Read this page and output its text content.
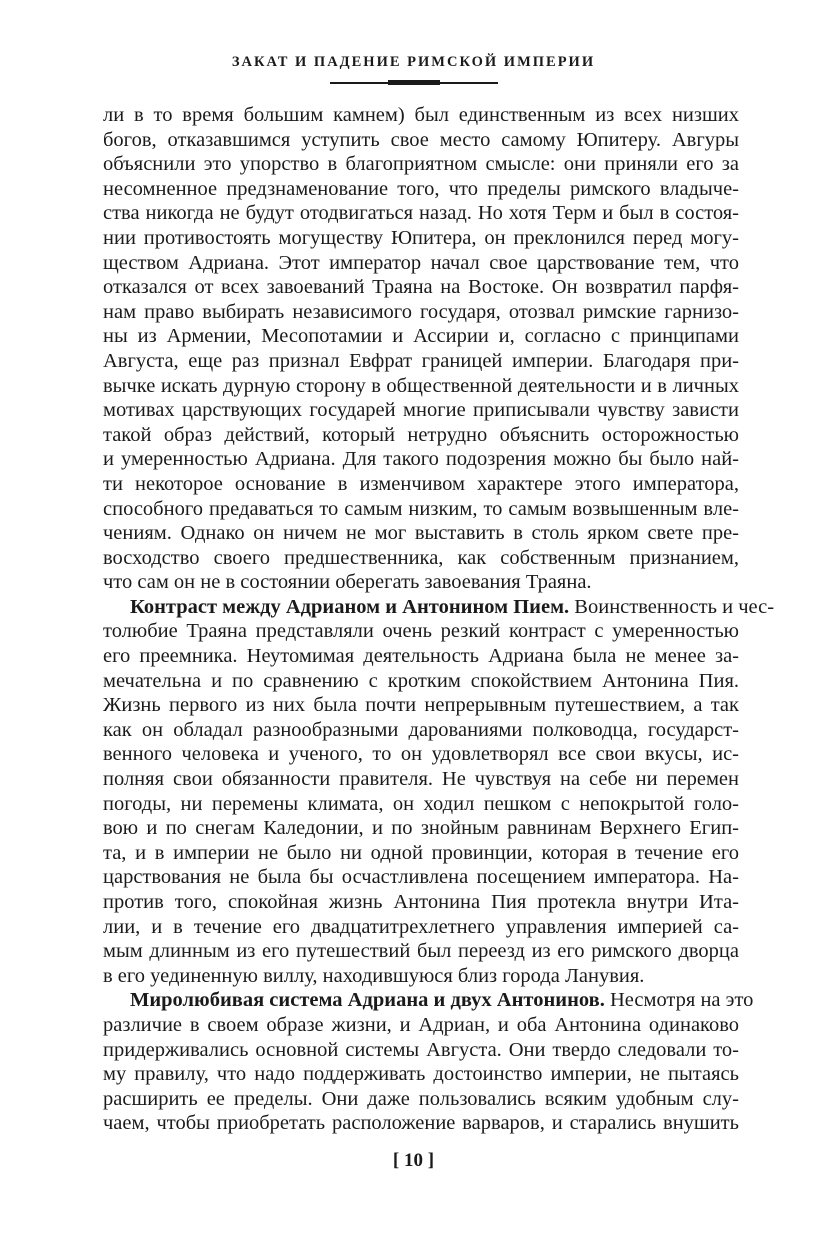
ЗАКАТ И ПАДЕНИЕ РИМСКОЙ ИМПЕРИИ
ли в то время большим камнем) был единственным из всех низших
богов, отказавшимся уступить свое место самому Юпитеру. Авгуры
объяснили это упорство в благоприятном смысле: они приняли его за
несомненное предзнаменование того, что пределы римского владыче-
ства никогда не будут отодвигаться назад. Но хотя Терм и был в состоя-
нии противостоять могуществу Юпитера, он преклонился перед могу-
ществом Адриана. Этот император начал свое царствование тем, что
отказался от всех завоеваний Траяна на Востоке. Он возвратил парфя-
нам право выбирать независимого государя, отозвал римские гарнизо-
ны из Армении, Месопотамии и Ассирии и, согласно с принципами
Августа, еще раз признал Евфрат границей империи. Благодаря при-
вычке искать дурную сторону в общественной деятельности и в личных
мотивах царствующих государей многие приписывали чувству зависти
такой образ действий, который нетрудно объяснить осторожностью
и умеренностью Адриана. Для такого подозрения можно бы было най-
ти некоторое основание в изменчивом характере этого императора,
способного предаваться то самым низким, то самым возвышенным вле-
чениям. Однако он ничем не мог выставить в столь ярком свете пре-
восходство своего предшественника, как собственным признанием,
что сам он не в состоянии оберегать завоевания Траяна.
Контраст между Адрианом и Антонином Пием. Воинственность и чес-
толюбие Траяна представляли очень резкий контраст с умеренностью
его преемника. Неутомимая деятельность Адриана была не менее за-
мечательна и по сравнению с кротким спокойствием Антонина Пия.
Жизнь первого из них была почти непрерывным путешествием, а так
как он обладал разнообразными дарованиями полководца, государст-
венного человека и ученого, то он удовлетворял все свои вкусы, ис-
полняя свои обязанности правителя. Не чувствуя на себе ни перемен
погоды, ни перемены климата, он ходил пешком с непокрытой голо-
вою и по снегам Каледонии, и по знойным равнинам Верхнего Егип-
та, и в империи не было ни одной провинции, которая в течение его
царствования не была бы осчастливлена посещением императора. На-
против того, спокойная жизнь Антонина Пия протекла внутри Ита-
лии, и в течение его двадцатитрехлетнего управления империей са-
мым длинным из его путешествий был переезд из его римского дворца
в его уединенную виллу, находившуюся близ города Ланувия.
Миролюбивая система Адриана и двух Антонинов. Несмотря на это
различие в своем образе жизни, и Адриан, и оба Антонина одинаково
придерживались основной системы Августа. Они твердо следовали то-
му правилу, что надо поддерживать достоинство империи, не пытаясь
расширить ее пределы. Они даже пользовались всяким удобным слу-
чаем, чтобы приобретать расположение варваров, и старались внушить
[ 10 ]
